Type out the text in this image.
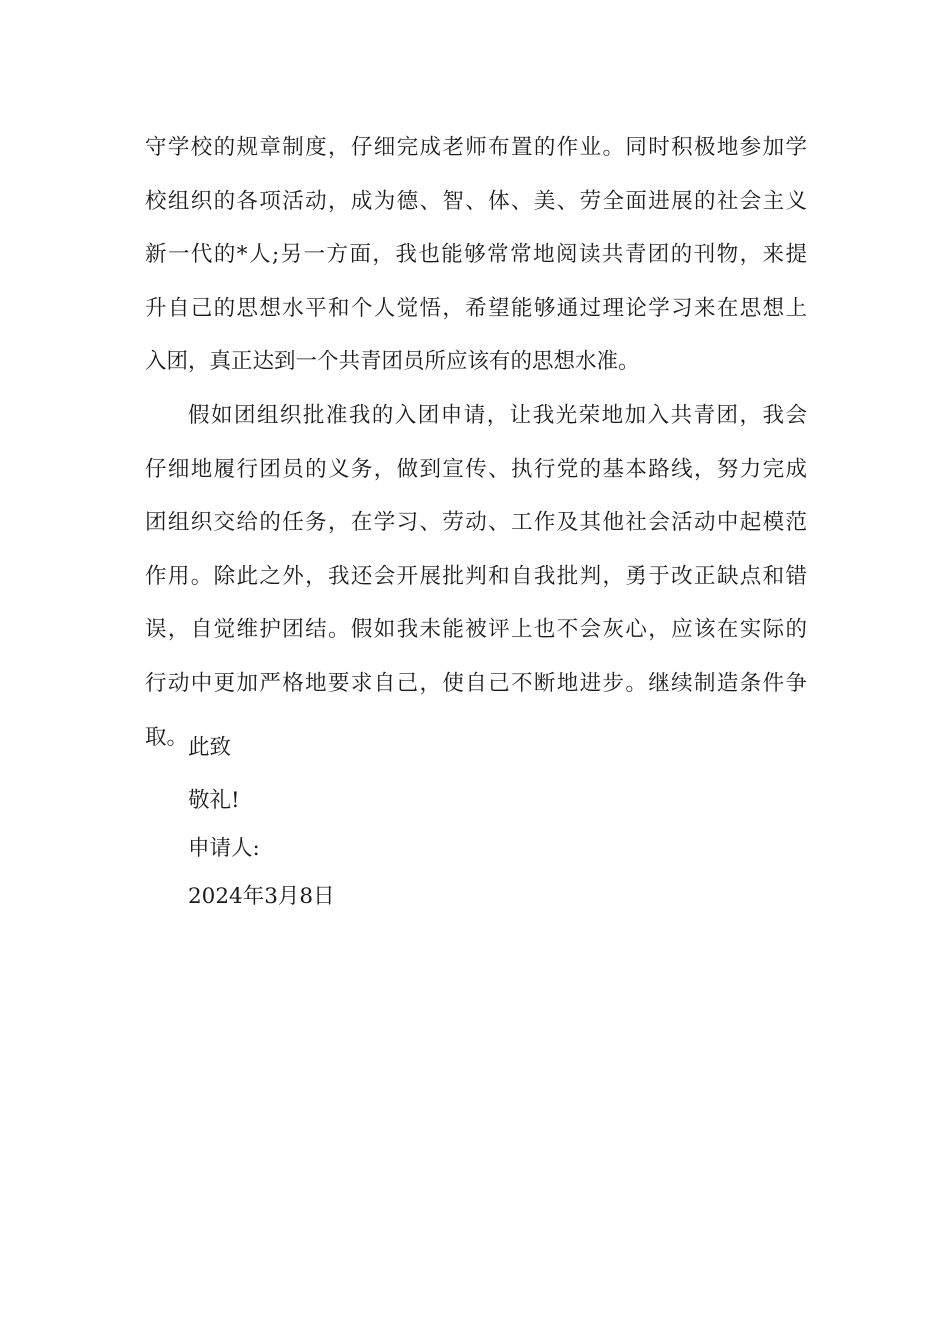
守学校的规章制度，仔细完成老师布置的作业。同时积极地参加学
校组织的各项活动，成为德、智、体、美、劳全面进展的社会主义
新一代的*人;另一方面，我也能够常常地阅读共青团的刊物，来提
升自己的思想水平和个人觉悟，希望能够通过理论学习来在思想上
入团，真正达到一个共青团员所应该有的思想水准。
假如团组织批准我的入团申请，让我光荣地加入共青团，我会
仔细地履行团员的义务，做到宣传、执行党的基本路线，努力完成
团组织交给的任务，在学习、劳动、工作及其他社会活动中起模范
作用。除此之外，我还会开展批判和自我批判，勇于改正缺点和错
误，自觉维护团结。假如我未能被评上也不会灰心，应该在实际的
行动中更加严格地要求自己，使自己不断地进步。继续制造条件争
取。 此致
敬礼!
申请人:
2024年3月8日
